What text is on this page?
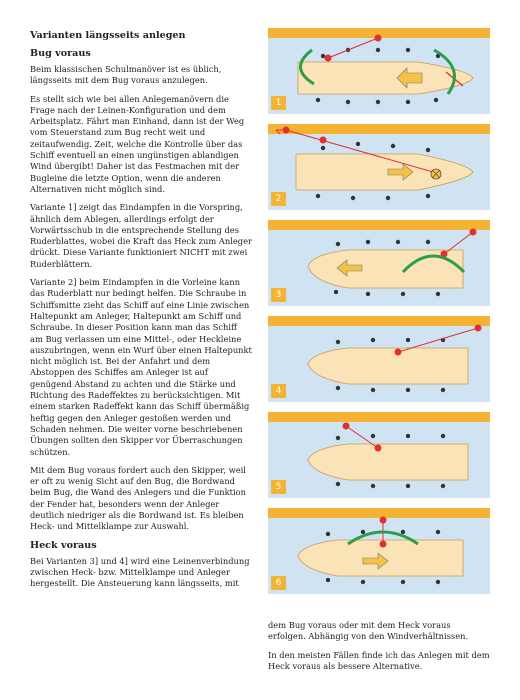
Varianten längsseits anlegen
Bug voraus

Beim klassischen Schulmanöver ist es üblich, längsseits mit dem Bug voraus anzulegen.

Es stellt sich wie bei allen Anlegemanövern die Frage nach der Leinen-Konfiguration und dem Arbeitsplatz. Fährt man Einhand, dann ist der Weg vom Steuerstand zum Bug recht weit und zeitaufwendig. Zeit, welche die Kontrolle über das Schiff eventuell an einen ungünstigen ablandigen Wind übergibt! Daher ist das Festmachen mit der Bugleine die letzte Option, wenn die anderen Alternativen nicht möglich sind.

Variante 1] zeigt das Eindampfen in die Vorspring, ähnlich dem Ablegen, allerdings erfolgt der Vorwärtsschub in die entsprechende Stellung des Ruderblattes, wobei die Kraft das Heck zum Anleger drückt. Diese Variante funktioniert NICHT mit zwei Ruderblättern.

Variante 2] beim Eindampfen in die Vorleine kann das Ruderblatt nur bedingt helfen. Die Schraube in Schiffsmitte zieht das Schiff auf eine Linie zwischen Haltepunkt am Anleger, Haltepunkt am Schiff und Schraube. In dieser Position kann man das Schiff am Bug verlassen um eine Mittel-, oder Heckleine auszubringen, wenn ein Wurf über einen Haltepunkt nicht möglich ist. Bei der Anfahrt und dem Abstoppen des Schiffes am Anleger ist auf genügend Abstand zu achten und die Stärke und Richtung des Radeffektes zu berücksichtigen. Mit einem starken Radeffekt kann das Schiff übermäßig heftig gegen den Anleger gestoßen werden und Schaden nehmen. Die weiter vorne beschriebenen Übungen sollten den Skipper vor Überraschungen schützen.

Mit dem Bug voraus fordert auch den Skipper, weil er oft zu wenig Sicht auf den Bug, die Bordwand beim Bug, die Wand des Anlegers und die Funktion der Fender hat, besonders wenn der Anleger deutlich niedriger als die Bordwand ist. Es bleiben Heck- und Mittelklampe zur Auswahl.

Heck voraus

Bei Varianten 3] und 4] wird eine Leinenverbindung zwischen Heck- bzw. Mittelklampe und Anleger hergestellt. Die Ansteuerung kann längsseits, mit

1
2
3
4
5
6

dem Bug voraus oder mit dem Heck voraus erfolgen. Abhängig von den Windverhältnissen.

In den meisten Fällen finde ich das Anlegen mit dem Heck voraus als bessere Alternative.
